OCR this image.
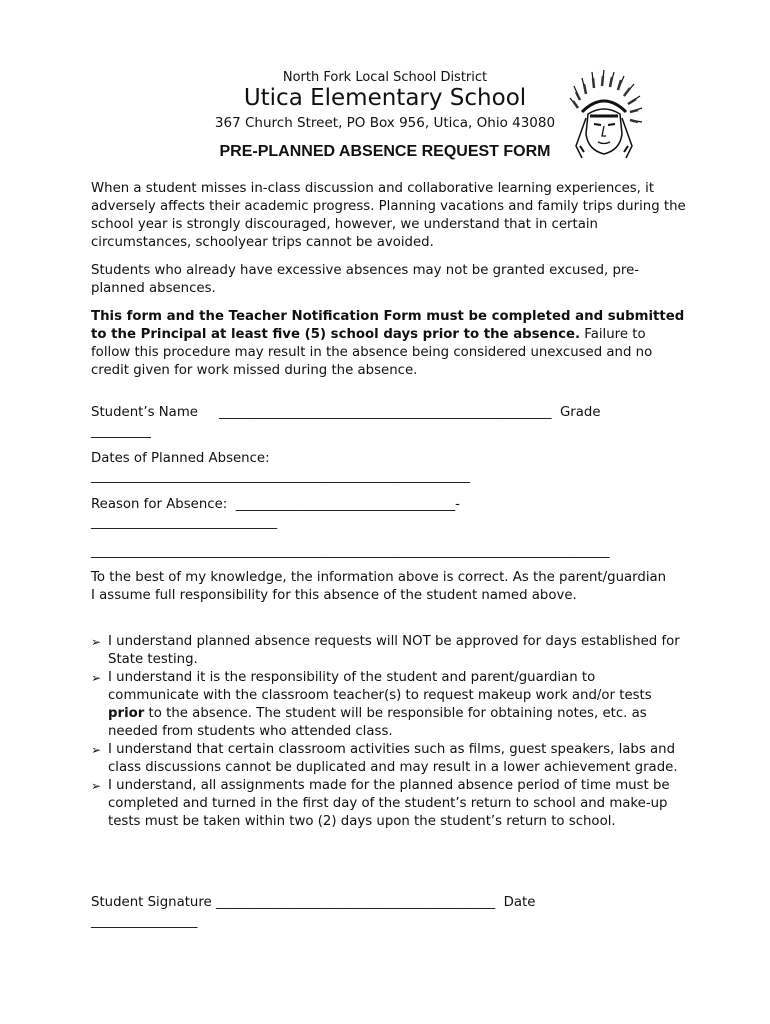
North Fork Local School District
Utica Elementary School
367 Church Street, PO Box 956, Utica, Ohio 43080
PRE-PLANNED ABSENCE REQUEST FORM
When a student misses in-class discussion and collaborative learning experiences, it adversely affects their academic progress. Planning vacations and family trips during the school year is strongly discouraged, however, we understand that in certain circumstances, schoolyear trips cannot be avoided.
Students who already have excessive absences may not be granted excused, pre-planned absences.
This form and the Teacher Notification Form must be completed and submitted to the Principal at least five (5) school days prior to the absence. Failure to follow this procedure may result in the absence being considered unexcused and no credit given for work missed during the absence.
Student’s Name     __________________________________________________  Grade
_________
Dates of Planned Absence:
_________________________________________________________
Reason for Absence:  _________________________________-
____________________________
______________________________________________________________________________
To the best of my knowledge, the information above is correct. As the parent/guardian I assume full responsibility for this absence of the student named above.
➢ I understand planned absence requests will NOT be approved for days established for State testing.
➢ I understand it is the responsibility of the student and parent/guardian to communicate with the classroom teacher(s) to request makeup work and/or tests prior to the absence. The student will be responsible for obtaining notes, etc. as needed from students who attended class.
➢ I understand that certain classroom activities such as films, guest speakers, labs and class discussions cannot be duplicated and may result in a lower achievement grade.
➢ I understand, all assignments made for the planned absence period of time must be completed and turned in the first day of the student’s return to school and make-up tests must be taken within two (2) days upon the student’s return to school.
Student Signature __________________________________________  Date
________________
